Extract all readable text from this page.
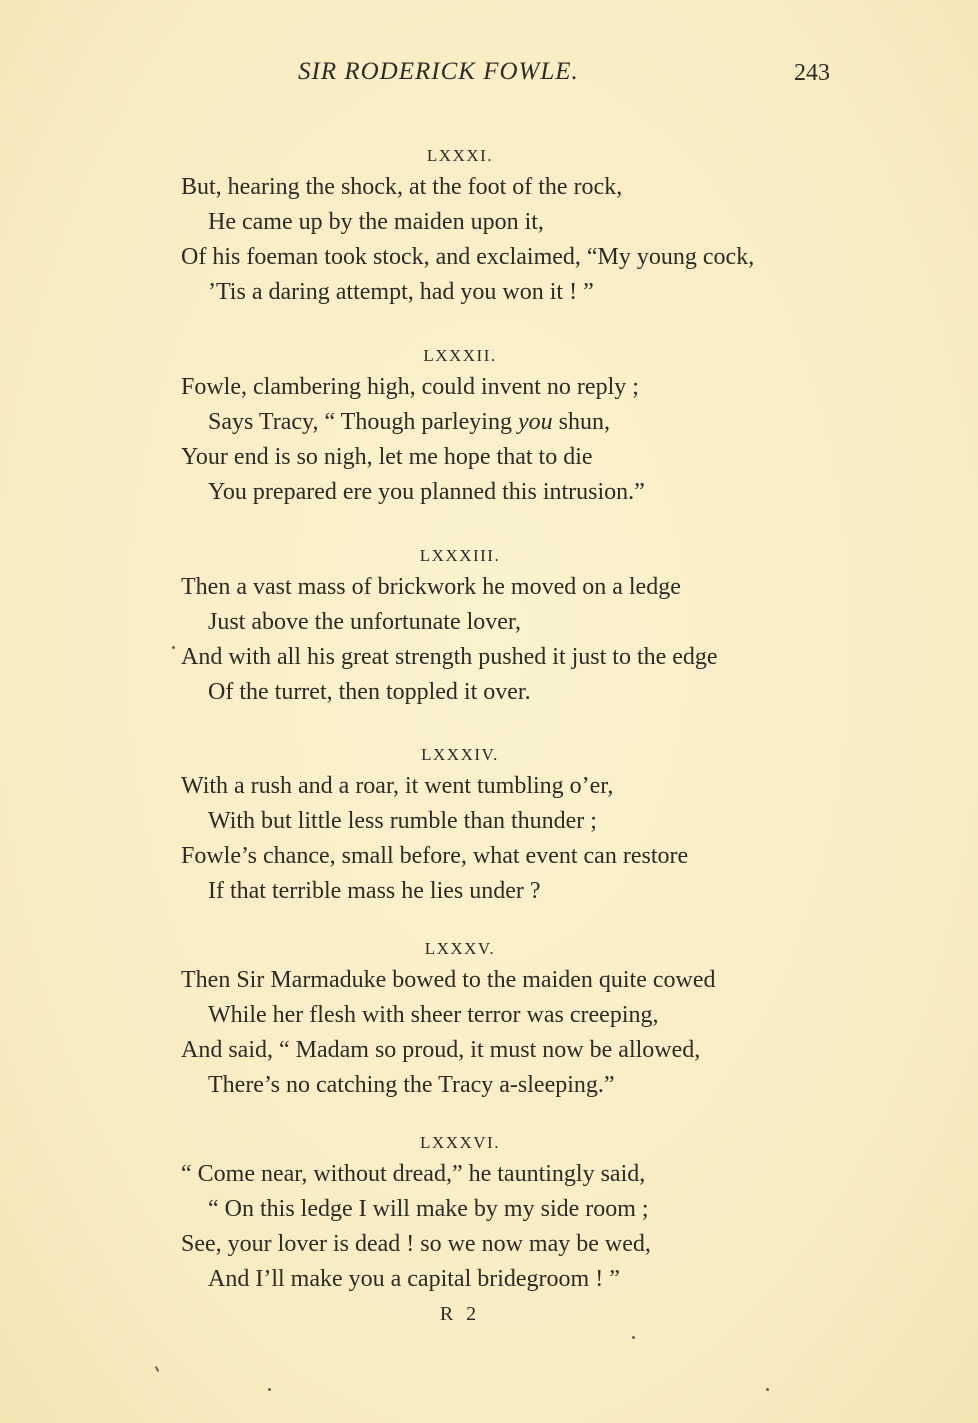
SIR RODERICK FOWLE.	243
LXXXI.
But, hearing the shock, at the foot of the rock,
He came up by the maiden upon it,
Of his foeman took stock, and exclaimed, “My young cock,
’Tis a daring attempt, had you won it ! ”
LXXXII.
Fowle, clambering high, could invent no reply ;
Says Tracy, “ Though parleying you shun,
Your end is so nigh, let me hope that to die
You prepared ere you planned this intrusion.”
LXXXIII.
Then a vast mass of brickwork he moved on a ledge
Just above the unfortunate lover,
And with all his great strength pushed it just to the edge
Of the turret, then toppled it over.
LXXXIV.
With a rush and a roar, it went tumbling o’er,
With but little less rumble than thunder ;
Fowle’s chance, small before, what event can restore
If that terrible mass he lies under ?
LXXXV.
Then Sir Marmaduke bowed to the maiden quite cowed
While her flesh with sheer terror was creeping,
And said, “ Madam so proud, it must now be allowed,
There’s no catching the Tracy a-sleeping.”
LXXXVI.
“ Come near, without dread,” he tauntingly said,
“ On this ledge I will make by my side room ;
See, your lover is dead ! so we now may be wed,
And I’ll make you a capital bridegroom ! ”
R 2
